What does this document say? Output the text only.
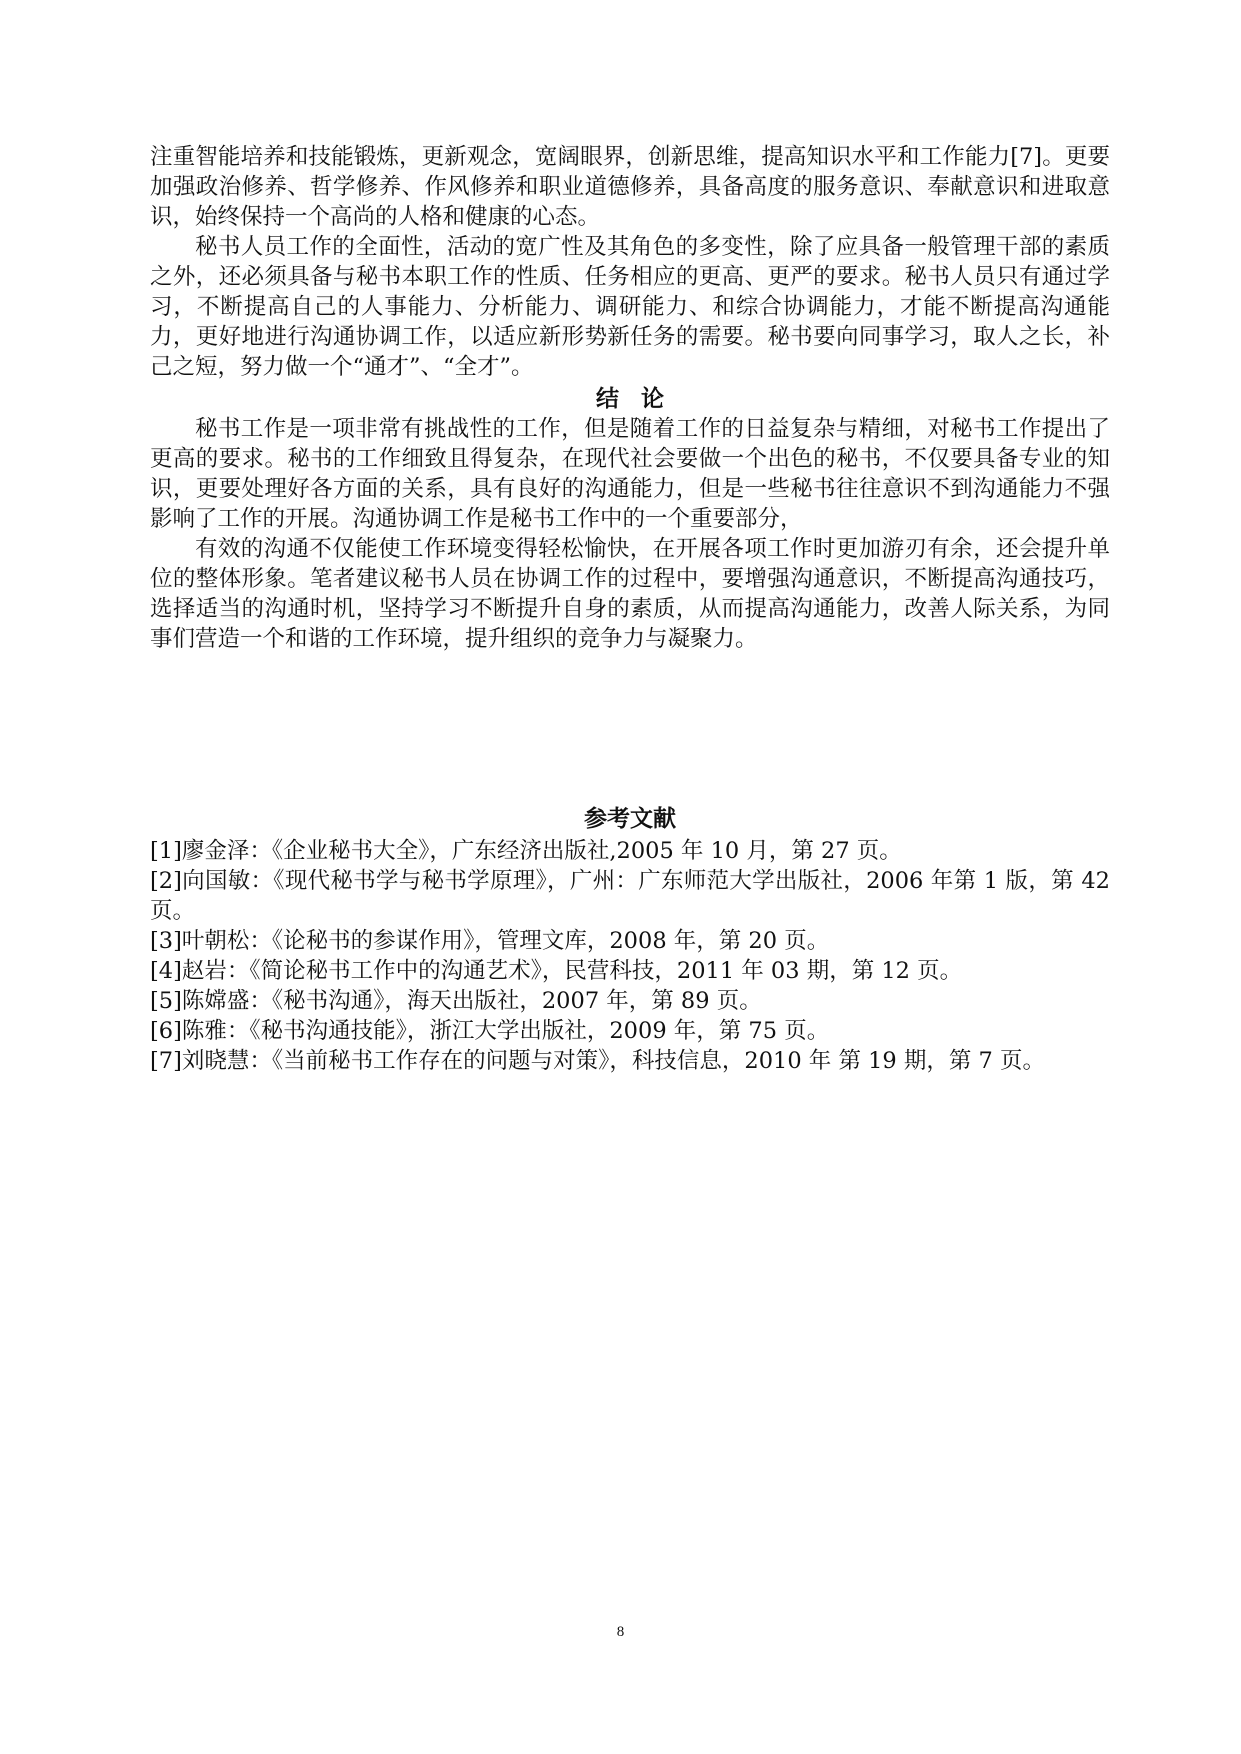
注重智能培养和技能锻炼，更新观念，宽阔眼界，创新思维，提高知识水平和工作能力[7]。更要加强政治修养、哲学修养、作风修养和职业道德修养，具备高度的服务意识、奉献意识和进取意识，始终保持一个高尚的人格和健康的心态。

秘书人员工作的全面性，活动的宽广性及其角色的多变性，除了应具备一般管理干部的素质之外，还必须具备与秘书本职工作的性质、任务相应的更高、更严的要求。秘书人员只有通过学习，不断提高自己的人事能力、分析能力、调研能力、和综合协调能力，才能不断提高沟通能力，更好地进行沟通协调工作，以适应新形势新任务的需要。秘书要向同事学习，取人之长，补己之短，努力做一个“通才”、“全才”。

结论

秘书工作是一项非常有挑战性的工作，但是随着工作的日益复杂与精细，对秘书工作提出了更高的要求。秘书的工作细致且得复杂，在现代社会要做一个出色的秘书，不仅要具备专业的知识，更要处理好各方面的关系，具有良好的沟通能力，但是一些秘书往往意识不到沟通能力不强影响了工作的开展。沟通协调工作是秘书工作中的一个重要部分，

有效的沟通不仅能使工作环境变得轻松愉快，在开展各项工作时更加游刃有余，还会提升单位的整体形象。笔者建议秘书人员在协调工作的过程中，要增强沟通意识，不断提高沟通技巧，选择适当的沟通时机，坚持学习不断提升自身的素质，从而提高沟通能力，改善人际关系，为同事们营造一个和谐的工作环境，提升组织的竞争力与凝聚力。

参考文献
[1]廖金泽：《企业秘书大全》，广东经济出版社,2005 年 10 月，第 27 页。
[2]向国敏：《现代秘书学与秘书学原理》，广州：广东师范大学出版社，2006 年第 1 版，第 42 页。
[3]叶朝松：《论秘书的参谋作用》，管理文库，2008 年，第 20 页。
[4]赵岩：《简论秘书工作中的沟通艺术》，民营科技，2011 年 03 期，第 12 页。
[5]陈嫦盛：《秘书沟通》，海天出版社，2007 年，第 89 页。
[6]陈雅：《秘书沟通技能》，浙江大学出版社，2009 年，第 75 页。
[7]刘晓慧：《当前秘书工作存在的问题与对策》，科技信息，2010 年 第 19 期，第 7 页。
8
